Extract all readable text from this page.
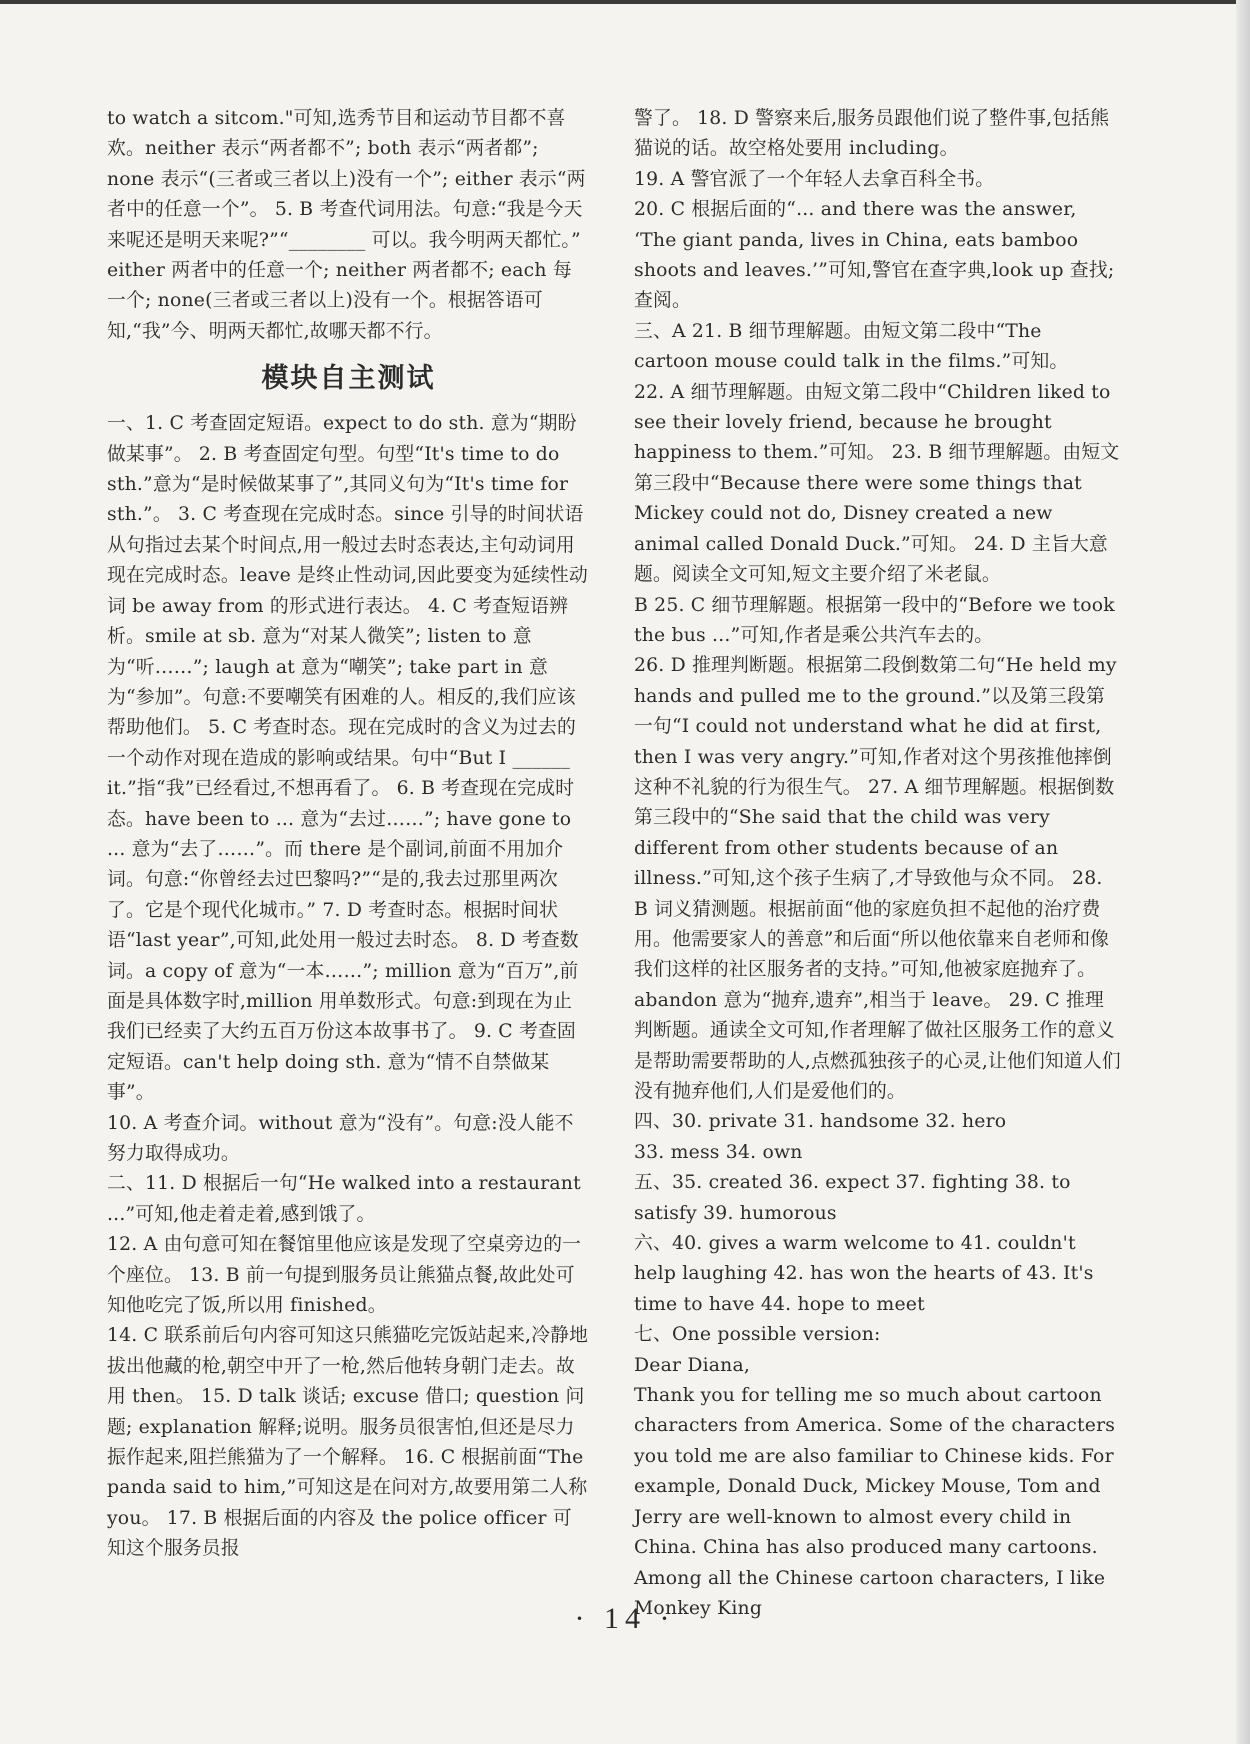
to watch a sitcom."可知,选秀节目和运动节目都不喜欢。neither 表示“两者都不”; both 表示“两者都”; none 表示“(三者或三者以上)没有一个”; either 表示“两者中的任意一个”。 5. B 考查代词用法。句意:“我是今天来呢还是明天来呢?”“________ 可以。我今明两天都忙。” either 两者中的任意一个; neither 两者都不; each 每一个; none(三者或三者以上)没有一个。根据答语可知,“我”今、明两天都忙,故哪天都不行。

模块自主测试

一、1. C 考查固定短语。expect to do sth. 意为“期盼做某事”。 2. B 考查固定句型。句型“It's time to do sth.”意为“是时候做某事了”,其同义句为“It's time for sth.”。 3. C 考查现在完成时态。since 引导的时间状语从句指过去某个时间点,用一般过去时态表达,主句动词用现在完成时态。leave 是终止性动词,因此要变为延续性动词 be away from 的形式进行表达。 4. C 考查短语辨析。smile at sb. 意为“对某人微笑”; listen to 意为“听……”; laugh at 意为“嘲笑”; take part in 意为“参加”。句意:不要嘲笑有困难的人。相反的,我们应该帮助他们。 5. C 考查时态。现在完成时的含义为过去的一个动作对现在造成的影响或结果。句中“But I ______ it.”指“我”已经看过,不想再看了。 6. B 考查现在完成时态。have been to ... 意为“去过……”; have gone to ... 意为“去了……”。而 there 是个副词,前面不用加介词。句意:“你曾经去过巴黎吗?”“是的,我去过那里两次了。它是个现代化城市。” 7. D 考查时态。根据时间状语“last year”,可知,此处用一般过去时态。 8. D 考查数词。a copy of 意为“一本……”; million 意为“百万”,前面是具体数字时,million 用单数形式。句意:到现在为止我们已经卖了大约五百万份这本故事书了。 9. C 考查固定短语。can't help doing sth. 意为“情不自禁做某事”。

10. A 考查介词。without 意为“没有”。句意:没人能不努力取得成功。

二、11. D 根据后一句“He walked into a restaurant ...”可知,他走着走着,感到饿了。

12. A 由句意可知在餐馆里他应该是发现了空桌旁边的一个座位。 13. B 前一句提到服务员让熊猫点餐,故此处可知他吃完了饭,所以用 finished。

14. C 联系前后句内容可知这只熊猫吃完饭站起来,冷静地拔出他藏的枪,朝空中开了一枪,然后他转身朝门走去。故用 then。 15. D talk 谈话; excuse 借口; question 问题; explanation 解释;说明。服务员很害怕,但还是尽力振作起来,阻拦熊猫为了一个解释。 16. C 根据前面“The panda said to him,”可知这是在问对方,故要用第二人称 you。 17. B 根据后面的内容及 the police officer 可知这个服务员报

警了。 18. D 警察来后,服务员跟他们说了整件事,包括熊猫说的话。故空格处要用 including。

19. A 警官派了一个年轻人去拿百科全书。

20. C 根据后面的“... and there was the answer, ‘The giant panda, lives in China, eats bamboo shoots and leaves.’”可知,警官在查字典,look up 查找;查阅。

三、A 21. B 细节理解题。由短文第二段中“The cartoon mouse could talk in the films.”可知。

22. A 细节理解题。由短文第二段中“Children liked to see their lovely friend, because he brought happiness to them.”可知。 23. B 细节理解题。由短文第三段中“Because there were some things that Mickey could not do, Disney created a new animal called Donald Duck.”可知。 24. D 主旨大意题。阅读全文可知,短文主要介绍了米老鼠。

B 25. C 细节理解题。根据第一段中的“Before we took the bus ...”可知,作者是乘公共汽车去的。

26. D 推理判断题。根据第二段倒数第二句“He held my hands and pulled me to the ground.”以及第三段第一句“I could not understand what he did at first, then I was very angry.”可知,作者对这个男孩推他摔倒这种不礼貌的行为很生气。 27. A 细节理解题。根据倒数第三段中的“She said that the child was very different from other students because of an illness.”可知,这个孩子生病了,才导致他与众不同。 28. B 词义猜测题。根据前面“他的家庭负担不起他的治疗费用。他需要家人的善意”和后面“所以他依靠来自老师和像我们这样的社区服务者的支持。”可知,他被家庭抛弃了。abandon 意为“抛弃,遗弃”,相当于 leave。 29. C 推理判断题。通读全文可知,作者理解了做社区服务工作的意义是帮助需要帮助的人,点燃孤独孩子的心灵,让他们知道人们没有抛弃他们,人们是爱他们的。

四、30. private 31. handsome 32. hero

33. mess 34. own

五、35. created 36. expect 37. fighting 38. to satisfy 39. humorous

六、40. gives a warm welcome to 41. couldn't help laughing 42. has won the hearts of 43. It's time to have 44. hope to meet

七、One possible version:

Dear Diana,

Thank you for telling me so much about cartoon characters from America. Some of the characters you told me are also familiar to Chinese kids. For example, Donald Duck, Mickey Mouse, Tom and Jerry are well-known to almost every child in China. China has also produced many cartoons. Among all the Chinese cartoon characters, I like Monkey King

· 14 ·
